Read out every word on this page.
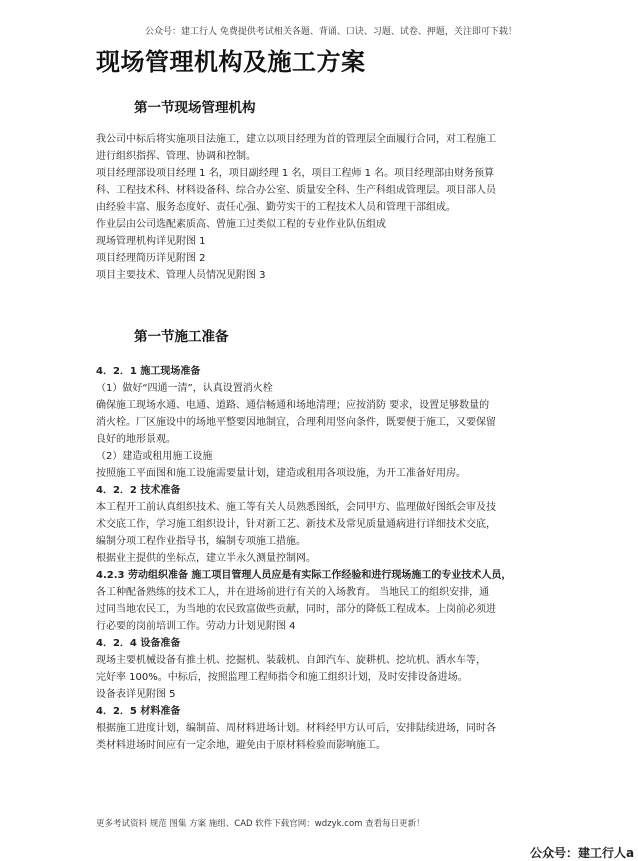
公众号：建工行人 免费提供考试相关各题、背诵、口诀、习题、试卷、押题，关注即可下载！
现场管理机构及施工方案
第一节现场管理机构
我公司中标后将实施项目法施工，建立以项目经理为首的管理层全面履行合同，对工程施工
进行组织指挥、管理、协调和控制。
项目经理部设项目经理 1 名，项目副经理 1 名，项目工程师 1 名。项目经理部由财务预算
科、工程技术科、材料设备科、综合办公室、质量安全科、生产科组成管理层。项目部人员
由经验丰富、服务态度好、责任心强、勤劳实干的工程技术人员和管理干部组成。
作业层由公司选配素质高、曾施工过类似工程的专业作业队伍组成
现场管理机构详见附图 1
项目经理简历详见附图 2
项目主要技术、管理人员情况见附图 3
第一节施工准备
4．2．1 施工现场准备
（1）做好“四通一清”，认真设置消火栓
确保施工现场水通、电通、道路、通信畅通和场地清理；应按消防 要求，设置足够数量的
消火栓。厂区施设中的场地平整要因地制宜，合理利用竖向条件，既要便于施工，又要保留
良好的地形景观。
（2）建造或租用施工设施
按照施工平面图和施工设施需要量计划，建造或租用各项设施，为开工准备好用房。
4．2．2 技术准备
本工程开工前认真组织技术、施工等有关人员熟悉图纸，会同甲方、监理做好图纸会审及技
术交底工作，学习施工组织设计，针对新工艺、新技术及常见质量通病进行详细技术交底，
编制分项工程作业指导书，编制专项施工措施。
根据业主提供的坐标点，建立半永久测量控制网。
4.2.3 劳动组织准备 施工项目管理人员应是有实际工作经验和进行现场施工的专业技术人员，
各工种配备熟练的技术工人，并在进场前进行有关的入场教育。 当地民工的组织安排，通
过同当地农民工，为当地的农民致富做些贡献，同时，部分的降低工程成本。上岗前必须进
行必要的岗前培训工作。劳动力计划见附图 4
4．2．4 设备准备
现场主要机械设备有推土机、挖掘机、装载机、自卸汽车、旋耕机、挖坑机、洒水车等，
完好率 100%。中标后，按照监理工程师指令和施工组织计划，及时安排设备进场。
设备表详见附图 5
4．2．5 材料准备
根据施工进度计划，编制苗、周材料进场计划。材料经甲方认可后，安排陆续进场，同时各
类材料进场时间应有一定余地，避免由于原材料检验而影响施工。
更多考试资料 规范 图集 方案 施组、CAD 软件下载官网：wdzyk.com 查看每日更新！
公众号：建工行人a
